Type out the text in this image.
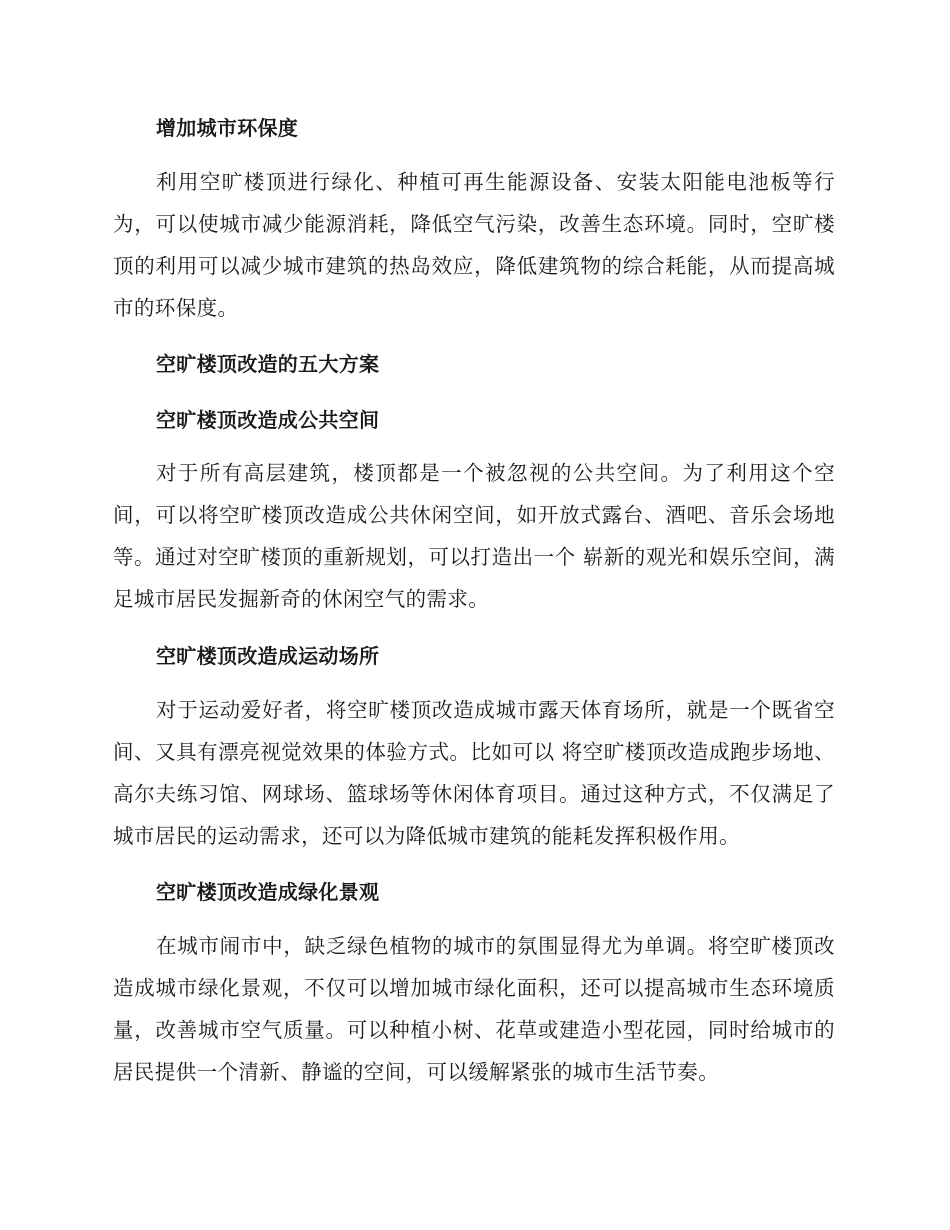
增加城市环保度

利用空旷楼顶进行绿化、种植可再生能源设备、安装太阳能电池板等行为，可以使城市减少能源消耗，降低空气污染，改善生态环境。同时，空旷楼顶的利用可以减少城市建筑的热岛效应，降低建筑物的综合耗能，从而提高城市的环保度。

空旷楼顶改造的五大方案
空旷楼顶改造成公共空间

对于所有高层建筑，楼顶都是一个被忽视的公共空间。为了利用这个空间，可以将空旷楼顶改造成公共休闲空间，如开放式露台、酒吧、音乐会场地等。通过对空旷楼顶的重新规划，可以打造出一个 崭新的观光和娱乐空间，满足城市居民发掘新奇的休闲空气的需求。

空旷楼顶改造成运动场所

对于运动爱好者，将空旷楼顶改造成城市露天体育场所，就是一个既省空间、又具有漂亮视觉效果的体验方式。比如可以 将空旷楼顶改造成跑步场地、高尔夫练习馆、网球场、篮球场等休闲体育项目。通过这种方式，不仅满足了城市居民的运动需求，还可以为降低城市建筑的能耗发挥积极作用。

空旷楼顶改造成绿化景观

在城市闹市中，缺乏绿色植物的城市的氛围显得尤为单调。将空旷楼顶改造成城市绿化景观，不仅可以增加城市绿化面积，还可以提高城市生态环境质量，改善城市空气质量。可以种植小树、花草或建造小型花园，同时给城市的居民提供一个清新、静谧的空间，可以缓解紧张的城市生活节奏。
